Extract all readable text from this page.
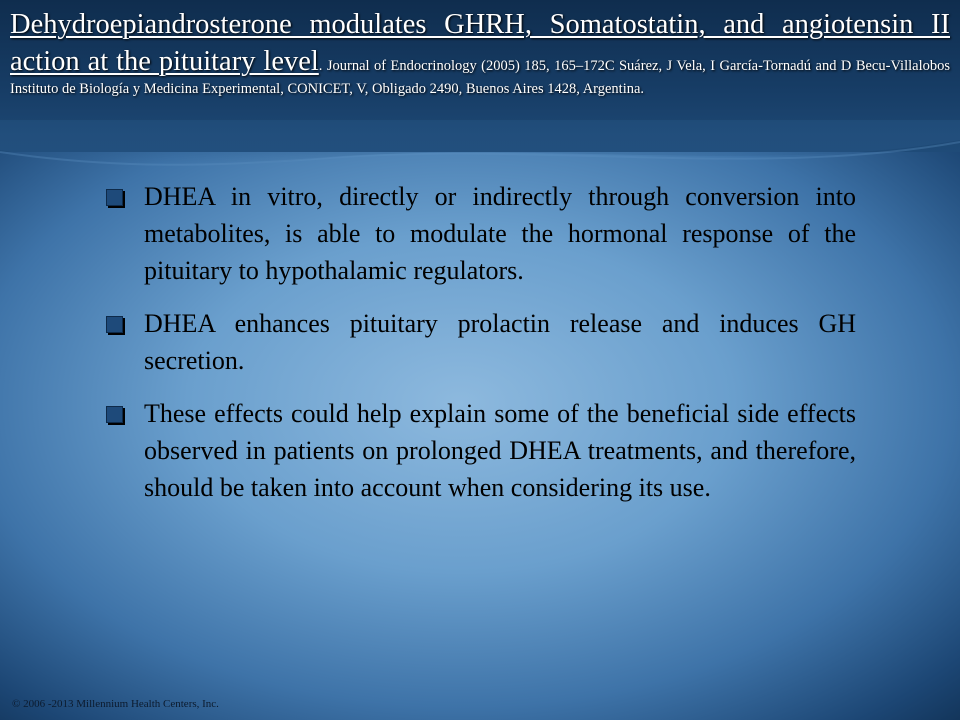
Dehydroepiandrosterone modulates GHRH, Somatostatin, and angiotensin II action at the pituitary level. Journal of Endocrinology (2005) 185, 165–172C Suárez, J Vela, I García-Tornadú and D Becu-Villalobos Instituto de Biología y Medicina Experimental, CONICET, V, Obligado 2490, Buenos Aires 1428, Argentina.
DHEA in vitro, directly or indirectly through conversion into metabolites, is able to modulate the hormonal response of the pituitary to hypothalamic regulators.
DHEA enhances pituitary prolactin release and induces GH secretion.
These effects could help explain some of the beneficial side effects observed in patients on prolonged DHEA treatments, and therefore, should be taken into account when considering its use.
© 2006 -2013 Millennium Health Centers, Inc.
